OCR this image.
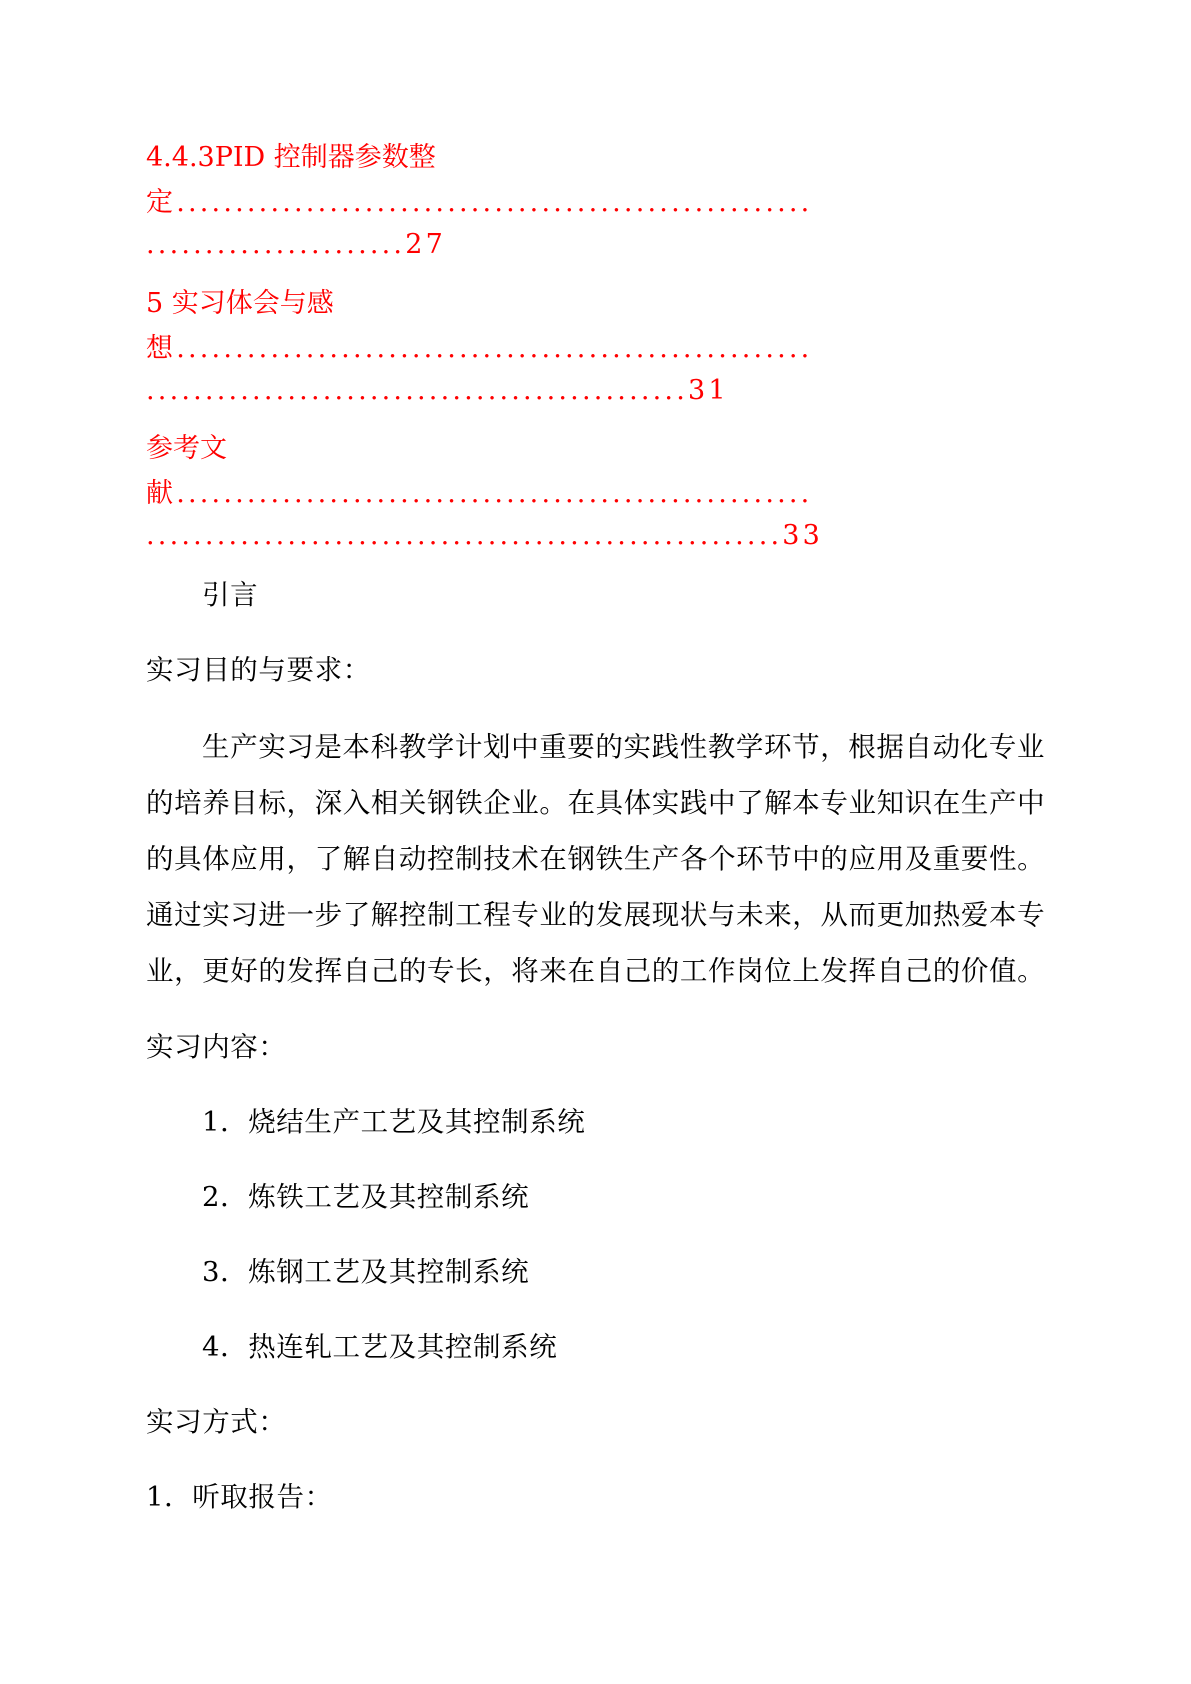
4.4.3PID 控制器参数整
定......................................................
......................27
5 实习体会与感
想......................................................
..............................................31
参考文
献......................................................
......................................................33
引言
实习目的与要求：
生产实习是本科教学计划中重要的实践性教学环节，根据自动化专业
的培养目标，深入相关钢铁企业。在具体实践中了解本专业知识在生产中
的具体应用，了解自动控制技术在钢铁生产各个环节中的应用及重要性。
通过实习进一步了解控制工程专业的发展现状与未来，从而更加热爱本专
业，更好的发挥自己的专长，将来在自己的工作岗位上发挥自己的价值。
实习内容：
1．烧结生产工艺及其控制系统
2．炼铁工艺及其控制系统
3．炼钢工艺及其控制系统
4．热连轧工艺及其控制系统
实习方式：
1．听取报告：
